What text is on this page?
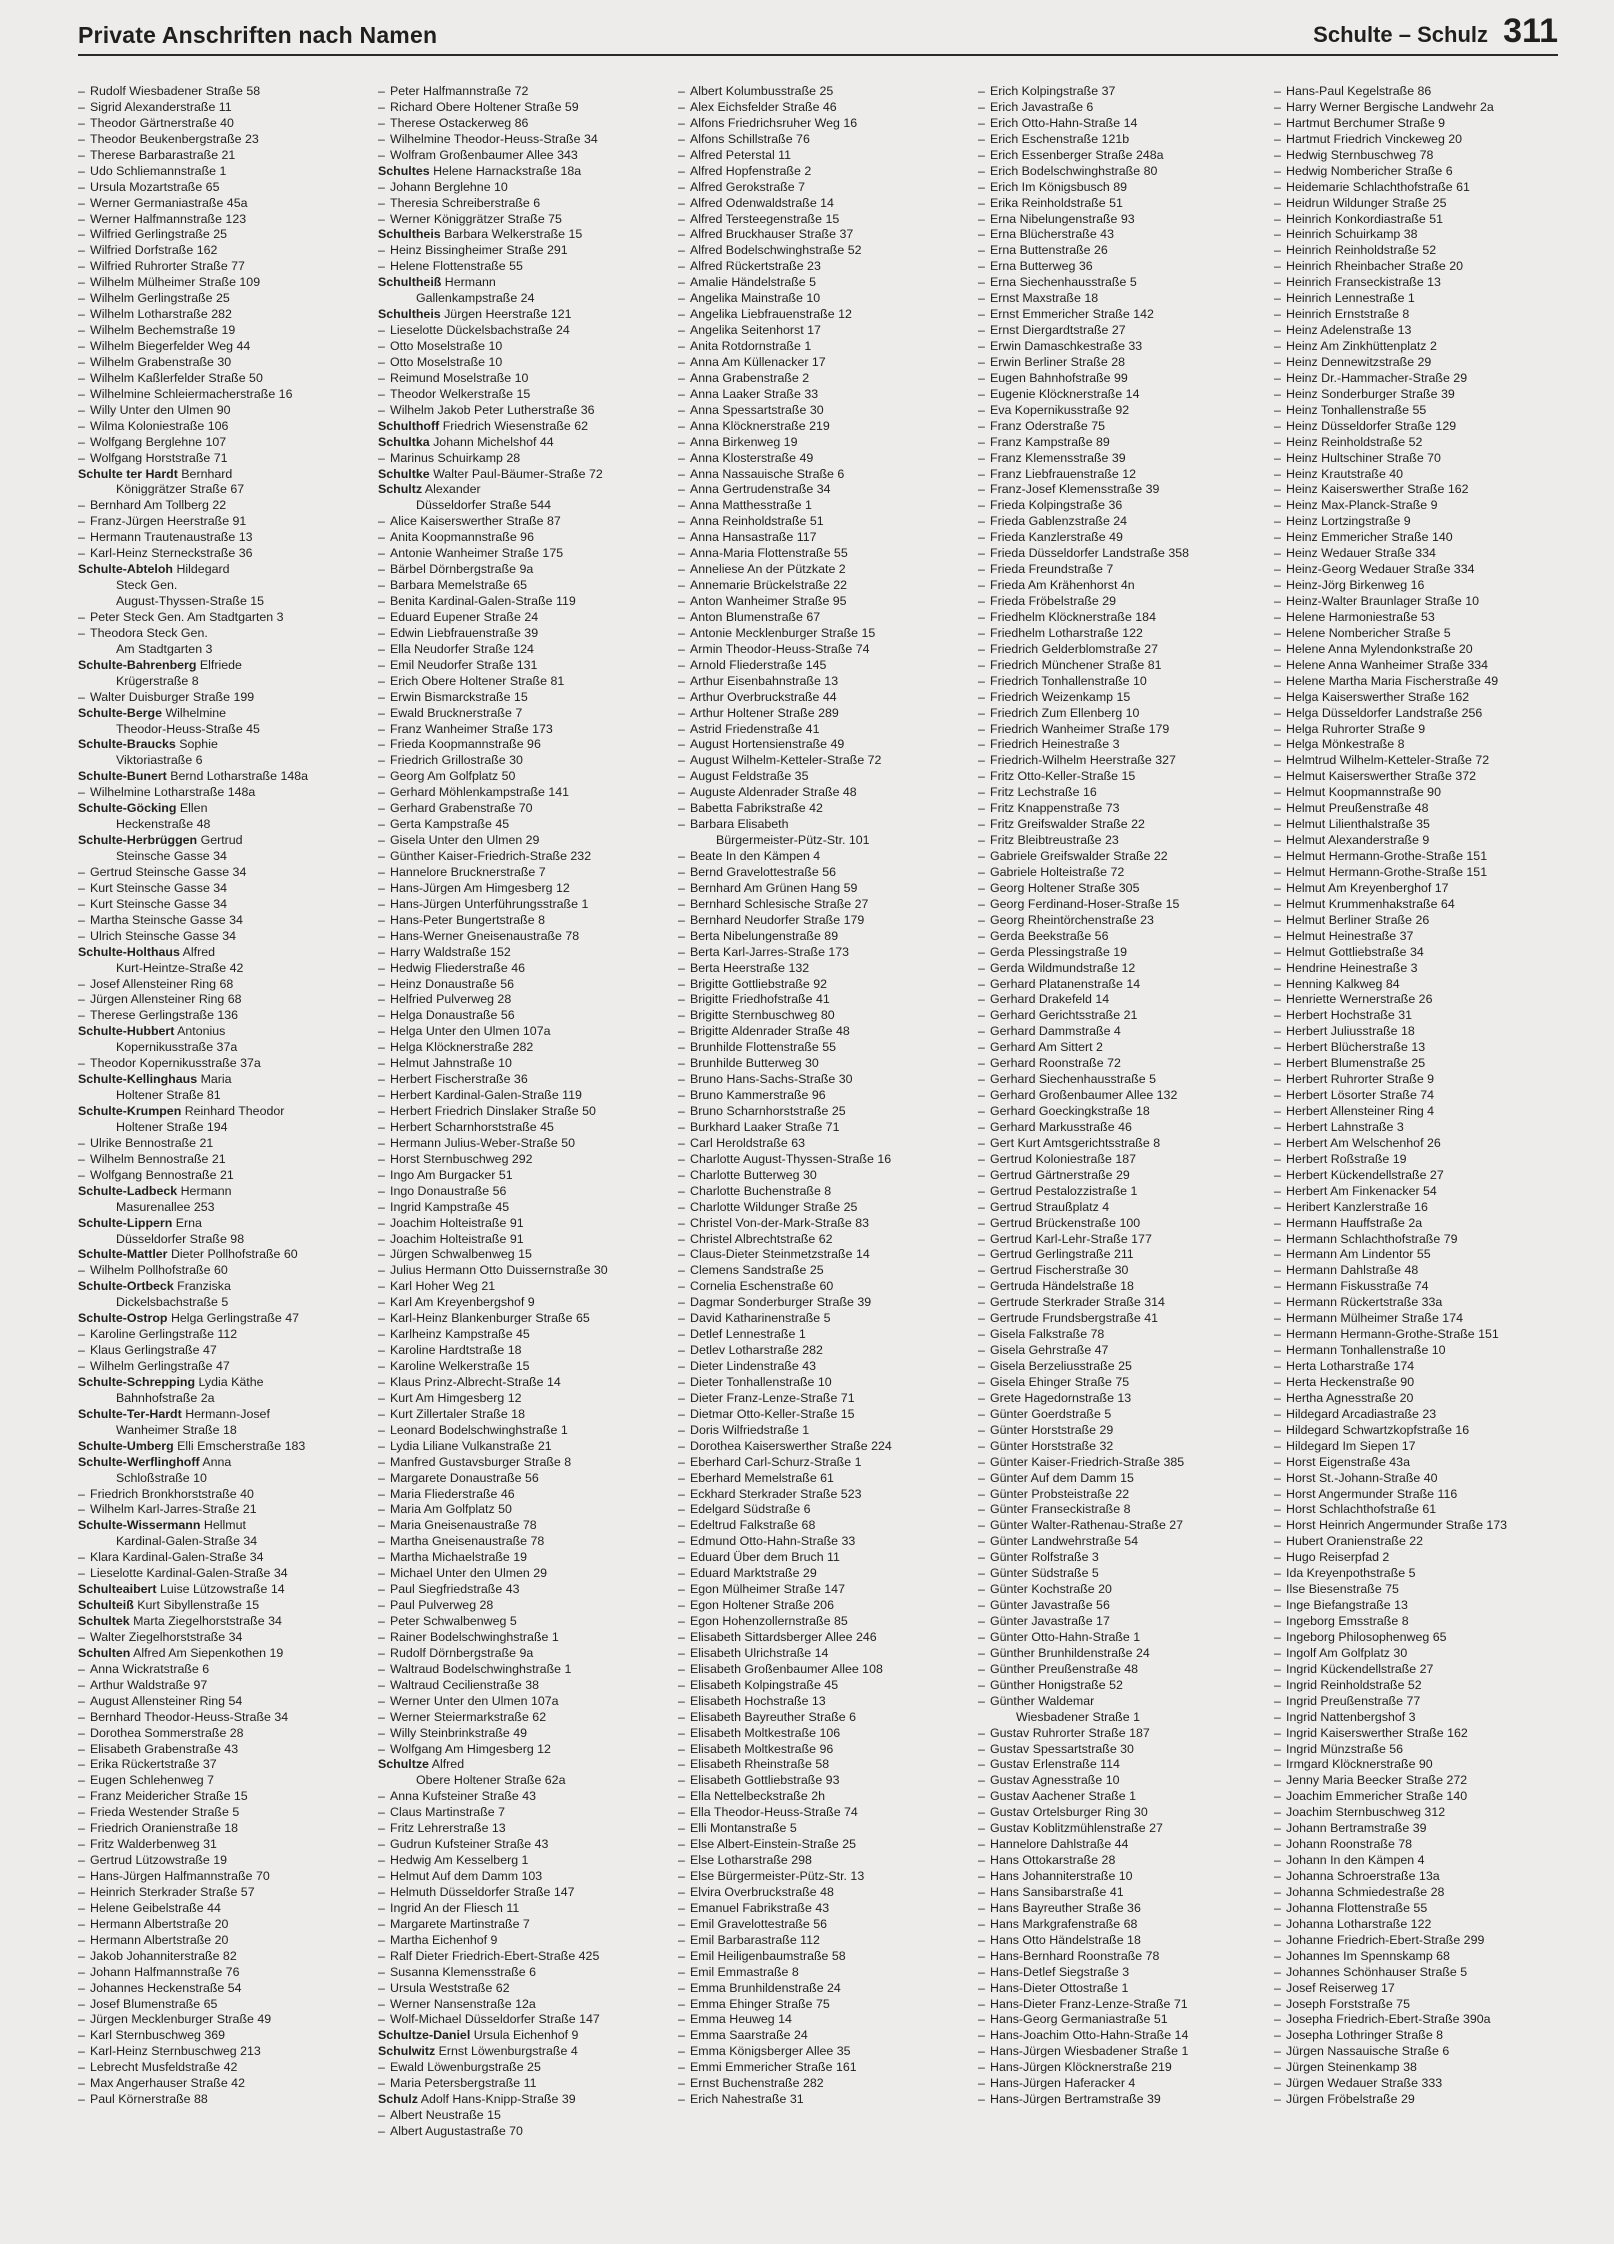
Private Anschriften nach Namen	Schulte – Schulz 311
– Rudolf Wiesbadener Straße 58
– Sigrid Alexanderstraße 11
– Theodor Gärtnerstraße 40
– Theodor Beukenbergstraße 23
– Therese Barbarastraße 21
– Udo Schliemannstraße 1
– Ursula Mozartstraße 65
– Werner Germaniastraße 45a
– Werner Halfmannstraße 123
– Wilfried Gerlingstraße 25
– Wilfried Dorfstraße 162
– Wilfried Ruhrorter Straße 77
– Wilhelm Mülheimer Straße 109
– Wilhelm Gerlingstraße 25
– Wilhelm Lotharstraße 282
– Wilhelm Bechemstraße 19
– Wilhelm Biegerfelder Weg 44
– Wilhelm Grabenstraße 30
– Wilhelm Kaßlerfelder Straße 50
– Wilhelmine Schleiermacherstraße 16
– Willy Unter den Ulmen 90
– Wilma Koloniestraße 106
– Wolfgang Berglehne 107
– Wolfgang Horststraße 71
Schulte ter Hardt Bernhard
Königgrätzer Straße 67
– Bernhard Am Tollberg 22
– Franz-Jürgen Heerstraße 91
– Hermann Trautenaustraße 13
– Karl-Heinz Sterneckstraße 36
Schulte-Abteloh Hildegard
Steck Gen.
August-Thyssen-Straße 15
– Peter Steck Gen. Am Stadtgarten 3
– Theodora Steck Gen.
Am Stadtgarten 3
Schulte-Bahrenberg Elfriede
Krügerstraße 8
– Walter Duisburger Straße 199
Schulte-Berge Wilhelmine
Theodor-Heuss-Straße 45
Schulte-Braucks Sophie
Viktoriastraße 6
Schulte-Bunert Bernd Lotharstraße 148a
– Wilhelmine Lotharstraße 148a
Schulte-Göcking Ellen
Heckenstraße 48
Schulte-Herbrüggen Gertrud
Steinsche Gasse 34
– Gertrud Steinsche Gasse 34
– Kurt Steinsche Gasse 34
– Kurt Steinsche Gasse 34
– Martha Steinsche Gasse 34
– Ulrich Steinsche Gasse 34
Schulte-Holthaus Alfred
Kurt-Heintze-Straße 42
– Josef Allensteiner Ring 68
– Jürgen Allensteiner Ring 68
– Therese Gerlingstraße 136
Schulte-Hubbert Antonius
Kopernikusstraße 37a
– Theodor Kopernikusstraße 37a
Schulte-Kellinghaus Maria
Holtener Straße 81
Schulte-Krumpen Reinhard Theodor
Holtener Straße 194
– Ulrike Bennostraße 21
– Wilhelm Bennostraße 21
– Wolfgang Bennostraße 21
Schulte-Ladbeck Hermann
Masurenallee 253
Schulte-Lippern Erna
Düsseldorfer Straße 98
Schulte-Mattler Dieter Pollhofstraße 60
– Wilhelm Pollhofstraße 60
Schulte-Ortbeck Franziska
Dickelsbachstraße 5
Schulte-Ostrop Helga Gerlingstraße 47
– Karoline Gerlingstraße 112
– Klaus Gerlingstraße 47
– Wilhelm Gerlingstraße 47
Schulte-Schrepping Lydia Käthe
Bahnhofstraße 2a
Schulte-Ter-Hardt Hermann-Josef
Wanheimer Straße 18
Schulte-Umberg Elli Emscherstraße 183
Schulte-Werflinghoff Anna
Schloßstraße 10
– Friedrich Bronkhorststraße 40
– Wilhelm Karl-Jarres-Straße 21
Schulte-Wissermann Hellmut
Kardinal-Galen-Straße 34
– Klara Kardinal-Galen-Straße 34
– Lieselotte Kardinal-Galen-Straße 34
Schulteaibert Luise Lützowstraße 14
Schulteiß Kurt Sibyllenstraße 15
Schultek Marta Ziegelhorststraße 34
– Walter Ziegelhorststraße 34
Schulten Alfred Am Siepenkothen 19
– Anna Wickratstraße 6
– Arthur Waldstraße 97
– August Allensteiner Ring 54
– Bernhard Theodor-Heuss-Straße 34
– Dorothea Sommerstraße 28
– Elisabeth Grabenstraße 43
– Erika Rückertstraße 37
– Eugen Schlehenweg 7
– Franz Meidericher Straße 15
– Frieda Westender Straße 5
– Friedrich Oranienstraße 18
– Fritz Walderbenweg 31
– Gertrud Lützowstraße 19
– Hans-Jürgen Halfmannstraße 70
– Heinrich Sterkrader Straße 57
– Helene Geibelstraße 44
– Hermann Albertstraße 20
– Hermann Albertstraße 20
– Jakob Johanniterstraße 82
– Johann Halfmannstraße 76
– Johannes Heckenstraße 54
– Josef Blumenstraße 65
– Jürgen Mecklenburger Straße 49
– Karl Sternbuschweg 369
– Karl-Heinz Sternbuschweg 213
– Lebrecht Musfeldstraße 42
– Max Angerhauser Straße 42
– Paul Körnerstraße 88
– Peter Halfmannstraße 72
– Richard Obere Holtener Straße 59
– Therese Ostackerweg 86
– Wilhelmine Theodor-Heuss-Straße 34
– Wolfram Großenbaumer Allee 343
Schultes Helene Harnackstraße 18a
– Johann Berglehne 10
– Theresia Schreiberstraße 6
– Werner Königgrätzer Straße 75
Schultheis Barbara Welkerstraße 15
– Heinz Bissingheimer Straße 291
– Helene Flottenstraße 55
Schultheiß Hermann
Gallenkampstraße 24
Schultheis Jürgen Heerstraße 121
– Lieselotte Dückelsbachstraße 24
– Otto Moselstraße 10
– Otto Moselstraße 10
– Reimund Moselstraße 10
– Theodor Welkerstraße 15
– Wilhelm Jakob Peter Lutherstraße 36
Schulthoff Friedrich Wiesenstraße 62
Schultka Johann Michelshof 44
– Marinus Schuirkamp 28
Schultke Walter Paul-Bäumer-Straße 72
Schultz Alexander
Düsseldorfer Straße 544
– Alice Kaiserswerther Straße 87
– Anita Koopmannstraße 96
– Antonie Wanheimer Straße 175
– Bärbel Dörnbergstraße 9a
– Barbara Memelstraße 65
– Benita Kardinal-Galen-Straße 119
– Eduard Eupener Straße 24
– Edwin Liebfrauenstraße 39
– Ella Neudorfer Straße 124
– Emil Neudorfer Straße 131
– Erich Obere Holtener Straße 81
– Erwin Bismarckstraße 15
– Ewald Brucknerstraße 7
– Franz Wanheimer Straße 173
– Frieda Koopmannstraße 96
– Friedrich Grillostraße 30
– Georg Am Golfplatz 50
– Gerhard Möhlenkampstraße 141
– Gerhard Grabenstraße 70
– Gerta Kampstraße 45
– Gisela Unter den Ulmen 29
– Günther Kaiser-Friedrich-Straße 232
– Hannelore Brucknerstraße 7
– Hans-Jürgen Am Himgesberg 12
– Hans-Jürgen Unterführungsstraße 1
– Hans-Peter Bungertstraße 8
– Hans-Werner Gneisenaustraße 78
– Harry Waldstraße 152
– Hedwig Fliederstraße 46
– Heinz Donaustraße 56
– Helfried Pulverweg 28
– Helga Donaustraße 56
– Helga Unter den Ulmen 107a
– Helga Klöcknerstraße 282
– Helmut Jahnstraße 10
– Herbert Fischerstraße 36
– Herbert Kardinal-Galen-Straße 119
– Herbert Friedrich Dinslaker Straße 50
– Herbert Scharnhorststraße 45
– Hermann Julius-Weber-Straße 50
– Horst Sternbuschweg 292
– Ingo Am Burgacker 51
– Ingo Donaustraße 56
– Ingrid Kampstraße 45
– Joachim Holteistraße 91
– Joachim Holteistraße 91
– Jürgen Schwalbenweg 15
– Julius Hermann Otto Duissernstraße 30
– Karl Hoher Weg 21
– Karl Am Kreyenbergshof 9
– Karl-Heinz Blankenburger Straße 65
– Karlheinz Kampstraße 45
– Karoline Hardtstraße 18
– Karoline Welkerstraße 15
– Klaus Prinz-Albrecht-Straße 14
– Kurt Am Himgesberg 12
– Kurt Zillertaler Straße 18
– Leonard Bodelschwinghstraße 1
– Lydia Liliane Vulkanstraße 21
– Manfred Gustavsburger Straße 8
– Margarete Donaustraße 56
– Maria Fliederstraße 46
– Maria Am Golfplatz 50
– Maria Gneisenaustraße 78
– Martha Gneisenaustraße 78
– Martha Michaelstraße 19
– Michael Unter den Ulmen 29
– Paul Siegfriedstraße 43
– Paul Pulverweg 28
– Peter Schwalbenweg 5
– Rainer Bodelschwinghstraße 1
– Rudolf Dörnbergstraße 9a
– Waltraud Bodelschwinghstraße 1
– Waltraud Cecilienstraße 38
– Werner Unter den Ulmen 107a
– Werner Steiermarkstraße 62
– Willy Steinbrinkstraße 49
– Wolfgang Am Himgesberg 12
Schultze Alfred
Obere Holtener Straße 62a
– Anna Kufsteiner Straße 43
– Claus Martinstraße 7
– Fritz Lehrerstraße 13
– Gudrun Kufsteiner Straße 43
– Hedwig Am Kesselberg 1
– Helmut Auf dem Damm 103
– Helmuth Düsseldorfer Straße 147
– Ingrid An der Fliesch 11
– Margarete Martinstraße 7
– Martha Eichenhof 9
– Ralf Dieter Friedrich-Ebert-Straße 425
– Susanna Klemensstraße 6
– Ursula Weststraße 62
– Werner Nansenstraße 12a
– Wolf-Michael Düsseldorfer Straße 147
Schultze-Daniel Ursula Eichenhof 9
Schulwitz Ernst Löwenburgstraße 4
– Ewald Löwenburgstraße 25
– Maria Petersbergstraße 11
Schulz Adolf Hans-Knipp-Straße 39
– Albert Neustraße 15
– Albert Augustastraße 70
– Albert Kolumbusstraße 25
– Alex Eichsfelder Straße 46
– Alfons Friedrichsruher Weg 16
– Alfons Schillstraße 76
– Alfred Peterstal 11
– Alfred Hopfenstraße 2
– Alfred Gerokstraße 7
– Alfred Odenwaldstraße 14
– Alfred Tersteegenstraße 15
– Alfred Bruckhauser Straße 37
– Alfred Bodelschwinghstraße 52
– Alfred Rückertstraße 23
– Amalie Händelstraße 5
– Angelika Mainstraße 10
– Angelika Liebfrauenstraße 12
– Angelika Seitenhorst 17
– Anita Rotdornstraße 1
– Anna Am Küllenacker 17
– Anna Grabenstraße 2
– Anna Laaker Straße 33
– Anna Spessartstraße 30
– Anna Klöcknerstraße 219
– Anna Birkenweg 19
– Anna Klosterstraße 49
– Anna Nassauische Straße 6
– Anna Gertrudenstraße 34
– Anna Matthesstraße 1
– Anna Reinholdstraße 51
– Anna Hansastraße 117
– Anna-Maria Flottenstraße 55
– Anneliese An der Pützkate 2
– Annemarie Brückelstraße 22
– Anton Wanheimer Straße 95
– Anton Blumenstraße 67
– Antonie Mecklenburger Straße 15
– Armin Theodor-Heuss-Straße 74
– Arnold Fliederstraße 145
– Arthur Eisenbahnstraße 13
– Arthur Overbruckstraße 44
– Arthur Holtener Straße 289
– Astrid Friedenstraße 41
– August Hortensienstraße 49
– August Wilhelm-Ketteler-Straße 72
– August Feldstraße 35
– Auguste Aldenrader Straße 48
– Babetta Fabrikstraße 42
– Barbara Elisabeth
Bürgermeister-Pütz-Str. 101
– Beate In den Kämpen 4
– Bernd Gravelottestraße 56
– Bernhard Am Grünen Hang 59
– Bernhard Schlesische Straße 27
– Bernhard Neudorfer Straße 179
– Berta Nibelungenstraße 89
– Berta Karl-Jarres-Straße 173
– Berta Heerstraße 132
– Brigitte Gottliebstraße 92
– Brigitte Friedhofstraße 41
– Brigitte Sternbuschweg 80
– Brigitte Aldenrader Straße 48
– Brunhilde Flottenstraße 55
– Brunhilde Butterweg 30
– Bruno Hans-Sachs-Straße 30
– Bruno Kammerstraße 96
– Bruno Scharnhorststraße 25
– Burkhard Laaker Straße 71
– Carl Heroldstraße 63
– Charlotte August-Thyssen-Straße 16
– Charlotte Butterweg 30
– Charlotte Buchenstraße 8
– Charlotte Wildunger Straße 25
– Christel Von-der-Mark-Straße 83
– Christel Albrechtstraße 62
– Claus-Dieter Steinmetzstraße 14
– Clemens Sandstraße 25
– Cornelia Eschenstraße 60
– Dagmar Sonderburger Straße 39
– David Katharinenstraße 5
– Detlef Lennestraße 1
– Detlev Lotharstraße 282
– Dieter Lindenstraße 43
– Dieter Tonhallenstraße 10
– Dieter Franz-Lenze-Straße 71
– Dietmar Otto-Keller-Straße 15
– Doris Wilfriedstraße 1
– Dorothea Kaiserswerther Straße 224
– Eberhard Carl-Schurz-Straße 1
– Eberhard Memelstraße 61
– Eckhard Sterkrader Straße 523
– Edelgard Südstraße 6
– Edeltrud Falkstraße 68
– Edmund Otto-Hahn-Straße 33
– Eduard Über dem Bruch 11
– Eduard Marktstraße 29
– Egon Mülheimer Straße 147
– Egon Holtener Straße 206
– Egon Hohenzollernstraße 85
– Elisabeth Sittardsberger Allee 246
– Elisabeth Ulrichstraße 14
– Elisabeth Großenbaumer Allee 108
– Elisabeth Kolpingstraße 45
– Elisabeth Hochstraße 13
– Elisabeth Bayreuther Straße 6
– Elisabeth Moltkestraße 106
– Elisabeth Moltkestraße 96
– Elisabeth Rheinstraße 58
– Elisabeth Gottliebstraße 93
– Ella Nettelbeckstraße 2h
– Ella Theodor-Heuss-Straße 74
– Elli Montanstraße 5
– Else Albert-Einstein-Straße 25
– Else Lotharstraße 298
– Else Bürgermeister-Pütz-Str. 13
– Elvira Overbruckstraße 48
– Emanuel Fabrikstraße 43
– Emil Gravelottestraße 56
– Emil Barbarastraße 112
– Emil Heiligenbaumstraße 58
– Emil Emmastraße 8
– Emma Brunhildenstraße 24
– Emma Ehinger Straße 75
– Emma Heuweg 14
– Emma Saarstraße 24
– Emma Königsberger Allee 35
– Emmi Emmericher Straße 161
– Ernst Buchenstraße 282
– Erich Nahestraße 31
– Erich Kolpingstraße 37
– Erich Javastraße 6
– Erich Otto-Hahn-Straße 14
– Erich Eschenstraße 121b
– Erich Essenberger Straße 248a
– Erich Bodelschwinghstraße 80
– Erich Im Königsbusch 89
– Erika Reinholdstraße 51
– Erna Nibelungenstraße 93
– Erna Blücherstraße 43
– Erna Buttenstraße 26
– Erna Butterweg 36
– Erna Siechenhausstraße 5
– Ernst Maxstraße 18
– Ernst Emmericher Straße 142
– Ernst Diergardtstraße 27
– Erwin Damaschkestraße 33
– Erwin Berliner Straße 28
– Eugen Bahnhofstraße 99
– Eugenie Klöcknerstraße 14
– Eva Kopernikusstraße 92
– Franz Oderstraße 75
– Franz Kampstraße 89
– Franz Klemensstraße 39
– Franz Liebfrauenstraße 12
– Franz-Josef Klemensstraße 39
– Frieda Kolpingstraße 36
– Frieda Gablenzstraße 24
– Frieda Kanzlerstraße 49
– Frieda Düsseldorfer Landstraße 358
– Frieda Freundstraße 7
– Frieda Am Krähenhorst 4n
– Frieda Fröbelstraße 29
– Friedhelm Klöcknerstraße 184
– Friedhelm Lotharstraße 122
– Friedrich Gelderblomstraße 27
– Friedrich Münchener Straße 81
– Friedrich Tonhallenstraße 10
– Friedrich Weizenkamp 15
– Friedrich Zum Ellenberg 10
– Friedrich Wanheimer Straße 179
– Friedrich Heinestraße 3
– Friedrich-Wilhelm Heerstraße 327
– Fritz Otto-Keller-Straße 15
– Fritz Lechstraße 16
– Fritz Knappenstraße 73
– Fritz Greifswalder Straße 22
– Fritz Bleibtreustraße 23
– Gabriele Greifswalder Straße 22
– Gabriele Holteistraße 72
– Georg Holtener Straße 305
– Georg Ferdinand-Hoser-Straße 15
– Georg Rheintörchenstraße 23
– Gerda Beekstraße 56
– Gerda Plessingstraße 19
– Gerda Wildmundstraße 12
– Gerhard Platanenstraße 14
– Gerhard Drakefeld 14
– Gerhard Gerichtsstraße 21
– Gerhard Dammstraße 4
– Gerhard Am Sittert 2
– Gerhard Roonstraße 72
– Gerhard Siechenhausstraße 5
– Gerhard Großenbaumer Allee 132
– Gerhard Goeckingkstraße 18
– Gerhard Markusstraße 46
– Gert Kurt Amtsgerichtsstraße 8
– Gertrud Koloniestraße 187
– Gertrud Gärtnerstraße 29
– Gertrud Pestalozzistraße 1
– Gertrud Straußplatz 4
– Gertrud Brückenstraße 100
– Gertrud Karl-Lehr-Straße 177
– Gertrud Gerlingstraße 211
– Gertrud Fischerstraße 30
– Gertruda Händelstraße 18
– Gertrude Sterkrader Straße 314
– Gertrude Frundsbergstraße 41
– Gisela Falkstraße 78
– Gisela Gehrstraße 47
– Gisela Berzeliusstraße 25
– Gisela Ehinger Straße 75
– Grete Hagedornstraße 13
– Günter Goerdstraße 5
– Günter Horststraße 29
– Günter Horststraße 32
– Günter Kaiser-Friedrich-Straße 385
– Günter Auf dem Damm 15
– Günter Probsteistraße 22
– Günter Franseckistraße 8
– Günter Walter-Rathenau-Straße 27
– Günter Landwehrstraße 54
– Günter Rolfstraße 3
– Günter Südstraße 5
– Günter Kochstraße 20
– Günter Javastraße 56
– Günter Javastraße 17
– Günter Otto-Hahn-Straße 1
– Günther Brunhildenstraße 24
– Günther Preußenstraße 48
– Günther Honigstraße 52
– Günther Waldemar
Wiesbadener Straße 1
– Gustav Ruhrorter Straße 187
– Gustav Spessartstraße 30
– Gustav Erlenstraße 114
– Gustav Agnesstraße 10
– Gustav Aachener Straße 1
– Gustav Ortelsburger Ring 30
– Gustav Koblitzmühlenstraße 27
– Hannelore Dahlstraße 44
– Hans Ottokarstraße 28
– Hans Johanniterstraße 10
– Hans Sansibarstraße 41
– Hans Bayreuther Straße 36
– Hans Markgrafenstraße 68
– Hans Otto Händelstraße 18
– Hans-Bernhard Roonstraße 78
– Hans-Detlef Siegstraße 3
– Hans-Dieter Ottostraße 1
– Hans-Dieter Franz-Lenze-Straße 71
– Hans-Georg Germaniastraße 51
– Hans-Joachim Otto-Hahn-Straße 14
– Hans-Jürgen Wiesbadener Straße 1
– Hans-Jürgen Klöcknerstraße 219
– Hans-Jürgen Haferacker 4
– Hans-Jürgen Bertramstraße 39
– Hans-Paul Kegelstraße 86
– Harry Werner Bergische Landwehr 2a
– Hartmut Berchumer Straße 9
– Hartmut Friedrich Vinckeweg 20
– Hedwig Sternbuschweg 78
– Hedwig Nombericher Straße 6
– Heidemarie Schlachthofstraße 61
– Heidrun Wildunger Straße 25
– Heinrich Konkordiastraße 51
– Heinrich Schuirkamp 38
– Heinrich Reinholdstraße 52
– Heinrich Rheinbacher Straße 20
– Heinrich Franseckistraße 13
– Heinrich Lennestraße 1
– Heinrich Ernststraße 8
– Heinz Adelenstraße 13
– Heinz Am Zinkhüttenplatz 2
– Heinz Dennewitzstraße 29
– Heinz Dr.-Hammacher-Straße 29
– Heinz Sonderburger Straße 39
– Heinz Tonhallenstraße 55
– Heinz Düsseldorfer Straße 129
– Heinz Reinholdstraße 52
– Heinz Hultschiner Straße 70
– Heinz Krautstraße 40
– Heinz Kaiserswerther Straße 162
– Heinz Max-Planck-Straße 9
– Heinz Lortzingstraße 9
– Heinz Emmericher Straße 140
– Heinz Wedauer Straße 334
– Heinz-Georg Wedauer Straße 334
– Heinz-Jörg Birkenweg 16
– Heinz-Walter Braunlager Straße 10
– Helene Harmoniestraße 53
– Helene Nombericher Straße 5
– Helene Anna Mylendonkstraße 20
– Helene Anna Wanheimer Straße 334
– Helene Martha Maria Fischerstraße 49
– Helga Kaiserswerther Straße 162
– Helga Düsseldorfer Landstraße 256
– Helga Ruhrorter Straße 9
– Helga Mönkestraße 8
– Helmtrud Wilhelm-Ketteler-Straße 72
– Helmut Kaiserswerther Straße 372
– Helmut Koopmannstraße 90
– Helmut Preußenstraße 48
– Helmut Lilienthalstraße 35
– Helmut Alexanderstraße 9
– Helmut Hermann-Grothe-Straße 151
– Helmut Hermann-Grothe-Straße 151
– Helmut Am Kreyenberghof 17
– Helmut Krummenhakstraße 64
– Helmut Berliner Straße 26
– Helmut Heinestraße 37
– Helmut Gottliebstraße 34
– Hendrine Heinestraße 3
– Henning Kalkweg 84
– Henriette Wernerstraße 26
– Herbert Hochstraße 31
– Herbert Juliusstraße 18
– Herbert Blücherstraße 13
– Herbert Blumenstraße 25
– Herbert Ruhrorter Straße 9
– Herbert Lösorter Straße 74
– Herbert Allensteiner Ring 4
– Herbert Lahnstraße 3
– Herbert Am Welschenhof 26
– Herbert Roßstraße 19
– Herbert Kückendellstraße 27
– Herbert Am Finkenacker 54
– Heribert Kanzlerstraße 16
– Hermann Hauffstraße 2a
– Hermann Schlachthofstraße 79
– Hermann Am Lindentor 55
– Hermann Dahlstraße 48
– Hermann Fiskusstraße 74
– Hermann Rückertstraße 33a
– Hermann Mülheimer Straße 174
– Hermann Hermann-Grothe-Straße 151
– Hermann Tonhallenstraße 10
– Herta Lotharstraße 174
– Herta Heckenstraße 90
– Hertha Agnesstraße 20
– Hildegard Arcadiastraße 23
– Hildegard Schwartzkopfstraße 16
– Hildegard Im Siepen 17
– Horst Eigenstraße 43a
– Horst St.-Johann-Straße 40
– Horst Angermunder Straße 116
– Horst Schlachthofstraße 61
– Horst Heinrich Angermunder Straße 173
– Hubert Oranienstraße 22
– Hugo Reiserpfad 2
– Ida Kreyenpothstraße 5
– Ilse Biesenstraße 75
– Inge Biefangstraße 13
– Ingeborg Emsstraße 8
– Ingeborg Philosophenweg 65
– Ingolf Am Golfplatz 30
– Ingrid Kückendellstraße 27
– Ingrid Reinholdstraße 52
– Ingrid Preußenstraße 77
– Ingrid Nattenbergshof 3
– Ingrid Kaiserswerther Straße 162
– Ingrid Münzstraße 56
– Irmgard Klöcknerstraße 90
– Jenny Maria Beecker Straße 272
– Joachim Emmericher Straße 140
– Joachim Sternbuschweg 312
– Johann Bertramstraße 39
– Johann Roonstraße 78
– Johann In den Kämpen 4
– Johanna Schroerstraße 13a
– Johanna Schmiedestraße 28
– Johanna Flottenstraße 55
– Johanna Lotharstraße 122
– Johanne Friedrich-Ebert-Straße 299
– Johannes Im Spennskamp 68
– Johannes Schönhauser Straße 5
– Josef Reiserweg 17
– Joseph Forststraße 75
– Josepha Friedrich-Ebert-Straße 390a
– Josepha Lothringer Straße 8
– Jürgen Nassauische Straße 6
– Jürgen Steinenkamp 38
– Jürgen Wedauer Straße 333
– Jürgen Fröbelstraße 29
